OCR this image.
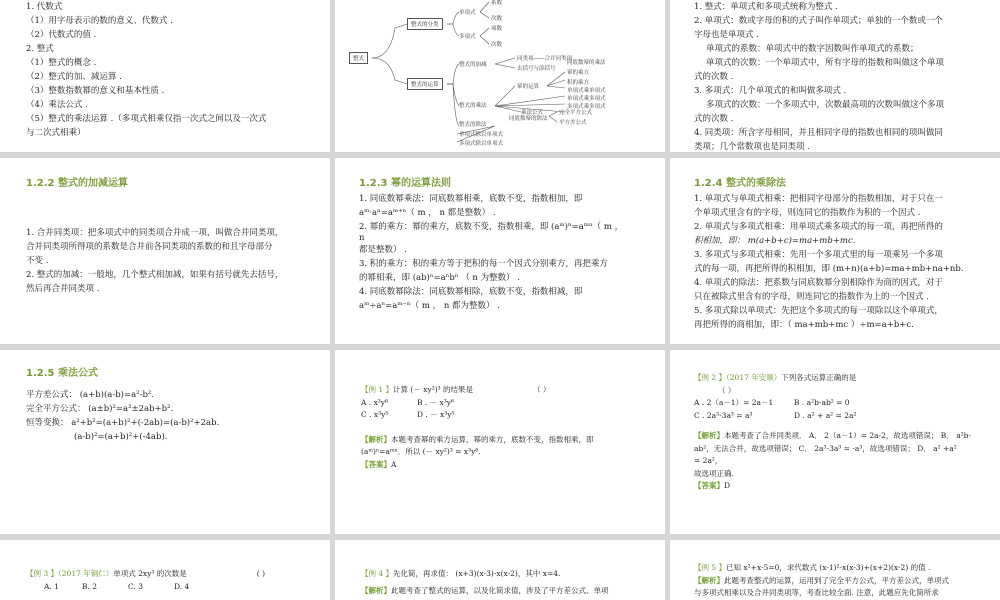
1. 代数式
（1）用字母表示的数的意义、代数式 .
（2）代数式的值 .
2. 整式
（1）整式的概念 .
（2）整式的加、减运算 .
（3）整数指数幂的意义和基本性质 .
（4）乘法公式 .
（5）整式的乘法运算 .（多项式相乘仅指一次式之间以及一次式
与二次式相乘）
整式
整式的分类
整式的运算
单项式
多项式
系数
次数
项数
次数
整式的加减
同类项——合并同类项
去括号与添括号
幂的运算
同底数幂的乘法
幂的乘方
积的乘方
单项式乘单项式
单项式乘多项式
多项式乘多项式
整式的乘法
乘法公式	完全平方公式
平方差公式
整式的除法
同底数幂的除法
单项式除以单项式
多项式除以单项式
1. 整式：单项式和多项式统称为整式 .
2. 单项式：数或字母的积的式子叫作单项式；单独的一个数或一个
字母也是单项式 .
单项式的系数：单项式中的数字因数叫作单项式的系数；
单项式的次数：一个单项式中，所有字母的指数和叫做这个单项
式的次数 .
3. 多项式：几个单项式的和叫做多项式 .
多项式的次数：一个多项式中，次数最高项的次数叫做这个多项
式的次数 .
4. 同类项：所含字母相同，并且相同字母的指数也相同的项叫做同
类项；几个常数项也是同类项 .
1.2.2 整式的加减运算
1. 合并同类项：把多项式中的同类项合并成一项，叫做合并同类项，
合并同类项所得项的系数是合并前各同类项的系数的和且字母部分
不变 .
2. 整式的加减：一般地，几个整式相加减，如果有括号就先去括号，
然后再合并同类项 .
1.2.3 幂的运算法则
1. 同底数幂乘法：同底数幂相乘，底数不变，指数相加，即
aᵐ·aⁿ=aᵐ⁺ⁿ（ m ， n 都是整数） .
2. 幂的乘方：幂的乘方，底数不变，指数相乘，即 (aᵐ)ⁿ=aᵐⁿ（ m ，
n
都是整数） .
3. 积的乘方：积的乘方等于把积的每一个因式分别乘方，再把乘方
的幂相乘，即 (ab)ⁿ=aⁿbⁿ （ n 为整数） .
4. 同底数幂除法：同底数幂相除，底数不变，指数相减，即
aᵐ÷aⁿ=aᵐ⁻ⁿ（ m ， n 都为整数） .
1.2.4 整式的乘除法
1. 单项式与单项式相乘：把相同字母部分的指数相加，对于只在一
个单项式里含有的字母，则连同它的指数作为积的一个因式 .
2. 单项式与多项式相乘：用单项式乘多项式的每一项，再把所得的
积相加，即： m(a+b+c)=ma+mb+mc.
3. 多项式与多项式相乘：先用一个多项式里的每一项乘另一个多项
式的每一项，再把所得的积相加，即 (m+n)(a+b)=ma+mb+na+nb.
4. 单项式的除法：把系数与同底数幂分别相除作为商的因式，对于
只在被除式里含有的字母，则连同它的指数作为上的一个因式 .
5. 多项式除以单项式：先把这个多项式的每一项除以这个单项式，
再把所得的商相加，即：（ ma+mb+mc ）÷m=a+b+c.
1.2.5 乘法公式
平方差公式： (a+b)(a-b)=a²-b².
完全平方公式： (a±b)²=a²±2ab+b².
恒等变换： a²+b²=(a+b)²+(-2ab)=(a-b)²+2ab.
(a-b)²=(a+b)²+(-4ab).
【例 1 】计算 (－ xy²)³ 的结果是	（ ）
A . x³y⁶	B . － x³y⁶
C . x³y⁵	D . － x³y⁵
【解析】本题考查幂的乘方运算，幂的乘方，底数不变，指数相乘，即
(aᵐ)ⁿ=aᵐⁿ．所以 (－ xy²)³ = x³y⁶.
【答案】A
【例 2 】（2017 年安顺）下列各式运算正确的是
（ ）
A . 2（a－1）= 2a－1	B . a²b-ab² = 0
C . 2a³-3a³ = a³	D . a² + a² = 2a²
【解析】本题考查了合并同类项． A． 2（a－1）= 2a-2，故选项错误； B． a²b-
ab²，无法合并，故选项错误； C． 2a³-3a³ = -a³，故选项错误； D． a² +a²
= 2a²，
故选项正确.
【答案】D
【例 3 】（2017 年铜仁）单项式 2xy³ 的次数是	( )
A. 1	B. 2	C. 3	D. 4
【例 4 】先化简，再求值： (x+3)(x-3)-x(x-2)，其中 x=4.
【解析】此题考查了整式的运算，以及化简求值，涉及了平方差公式、单项
【例 5 】已知 x²+x-5=0，求代数式 (x-1)²-x(x-3)+(x+2)(x-2) 的值 .
【解析】此题考查整式的运算，运用到了完全平方公式，平方差公式，单项式
与多项式相乘以及合并同类项等，考查比较全面. 注意，此题应先化简所求
